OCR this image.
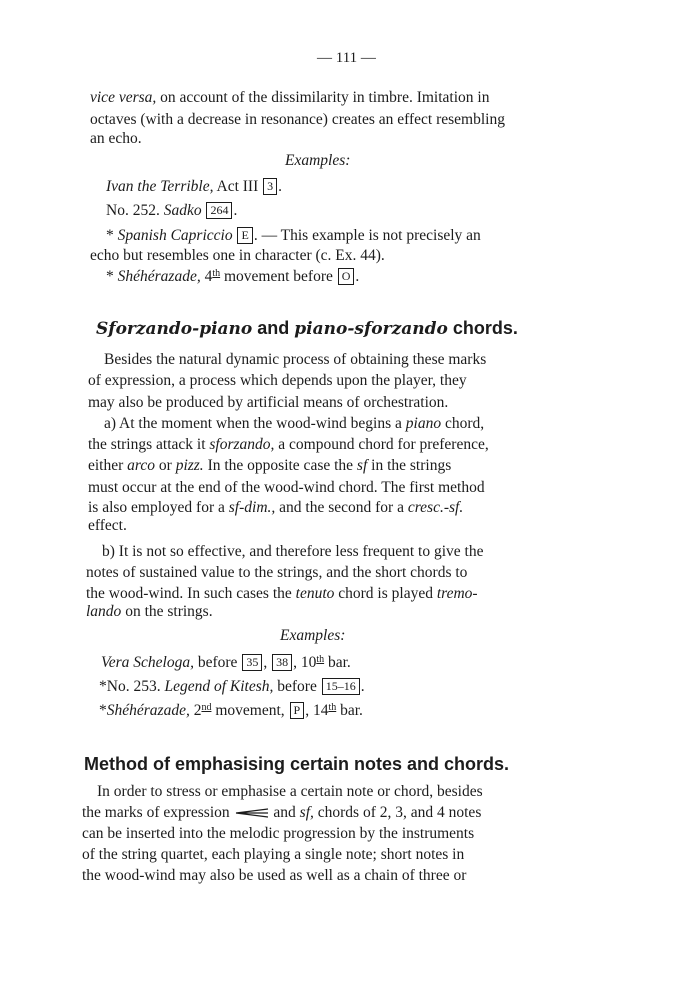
— 111 —
vice versa, on account of the dissimilarity in timbre. Imitation in
octaves (with a decrease in resonance) creates an effect resembling
an echo.
Examples:
Ivan the Terrible, Act III 3 .
No. 252. Sadko 264 .
* Spanish Capriccio E . — This example is not precisely an
echo but resembles one in character (c. Ex. 44).
* Shéhérazade, 4th movement before O .
Sforzando-piano and piano-sforzando chords.
Besides the natural dynamic process of obtaining these marks
of expression, a process which depends upon the player, they
may also be produced by artificial means of orchestration.
a) At the moment when the wood-wind begins a piano chord,
the strings attack it sforzando, a compound chord for preference,
either arco or pizz. In the opposite case the sf in the strings
must occur at the end of the wood-wind chord. The first method
is also employed for a sf-dim., and the second for a cresc.-sf.
effect.
b) It is not so effective, and therefore less frequent to give the
notes of sustained value to the strings, and the short chords to
the wood-wind. In such cases the tenuto chord is played tremo-
lando on the strings.
Examples:
Vera Scheloga, before 35 , 38 , 10th bar.
*No. 253. Legend of Kitesh, before 15–16 .
*Shéhérazade, 2nd movement, P , 14th bar.
Method of emphasising certain notes and chords.
In order to stress or emphasise a certain note or chord, besides
the marks of expression  and sf, chords of 2, 3, and 4 notes
can be inserted into the melodic progression by the instruments
of the string quartet, each playing a single note; short notes in
the wood-wind may also be used as well as a chain of three or
